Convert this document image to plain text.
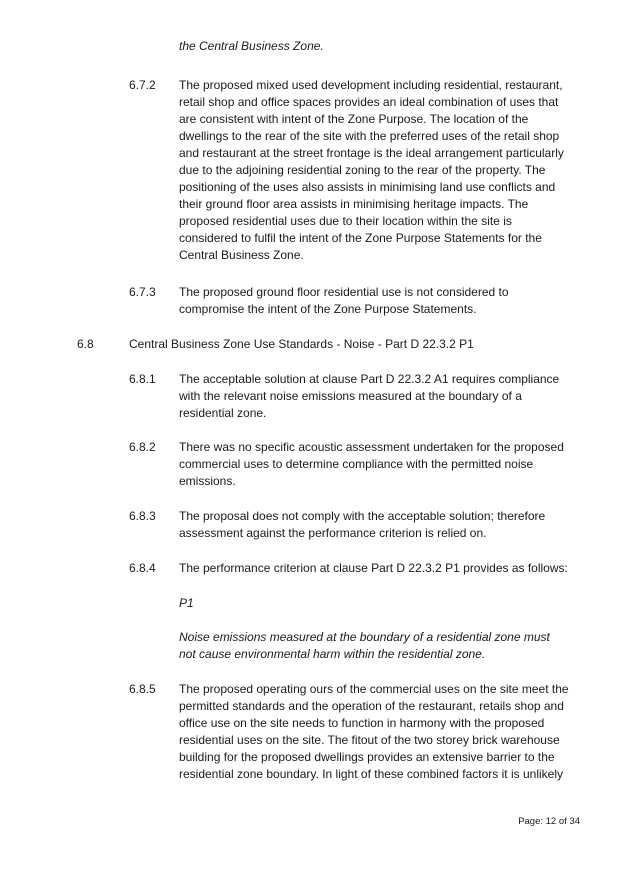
the Central Business Zone.
6.7.2 The proposed mixed used development including residential, restaurant,
retail shop and office spaces provides an ideal combination of uses that
are consistent with intent of the Zone Purpose. The location of the
dwellings to the rear of the site with the preferred uses of the retail shop
and restaurant at the street frontage is the ideal arrangement particularly
due to the adjoining residential zoning to the rear of the property. The
positioning of the uses also assists in minimising land use conflicts and
their ground floor area assists in minimising heritage impacts. The
proposed residential uses due to their location within the site is
considered to fulfil the intent of the Zone Purpose Statements for the
Central Business Zone.
6.7.3 The proposed ground floor residential use is not considered to
compromise the intent of the Zone Purpose Statements.
6.8	Central Business Zone Use Standards - Noise - Part D 22.3.2 P1
6.8.1 The acceptable solution at clause Part D 22.3.2 A1 requires compliance
with the relevant noise emissions measured at the boundary of a
residential zone.
6.8.2 There was no specific acoustic assessment undertaken for the proposed
commercial uses to determine compliance with the permitted noise
emissions.
6.8.3 The proposal does not comply with the acceptable solution; therefore
assessment against the performance criterion is relied on.
6.8.4 The performance criterion at clause Part D 22.3.2 P1 provides as follows:
P1
Noise emissions measured at the boundary of a residential zone must
not cause environmental harm within the residential zone.
6.8.5 The proposed operating ours of the commercial uses on the site meet the
permitted standards and the operation of the restaurant, retails shop and
office use on the site needs to function in harmony with the proposed
residential uses on the site. The fitout of the two storey brick warehouse
building for the proposed dwellings provides an extensive barrier to the
residential zone boundary. In light of these combined factors it is unlikely
Page: 12 of 34
